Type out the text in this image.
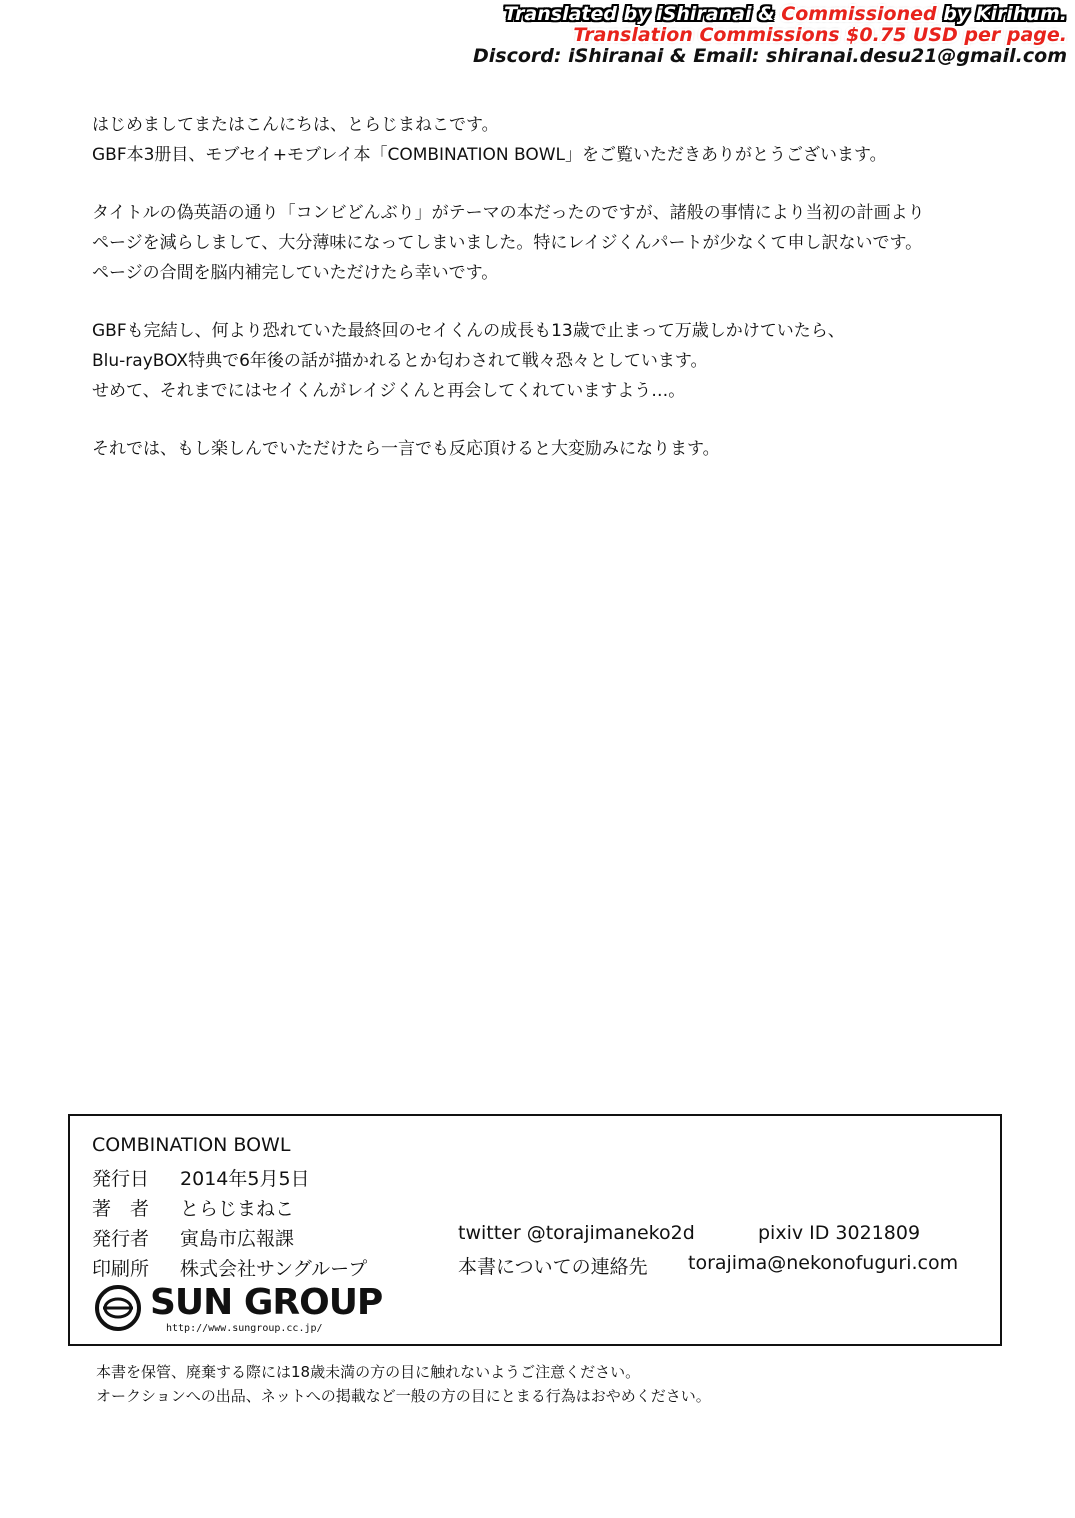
Translated by iShiranai & Commissioned by Kirihum.
Translation Commissions $0.75 USD per page.
Discord: iShiranai & Email: shiranai.desu21@gmail.com

はじめましてまたはこんにちは、とらじまねこです。
GBF本3册目、モブセイ+モブレイ本「COMBINATION BOWL」をご覧いただきありがとうございます。

タイトルの偽英語の通り「コンビどんぶり」がテーマの本だったのですが、諸般の事情により当初の計画より
ページを減らしまして、大分薄味になってしまいました。特にレイジくんパートが少なくて申し訳ないです。
ページの合間を脳内補完していただけたら幸いです。

GBFも完結し、何より恐れていた最終回のセイくんの成長も13歳で止まって万歳しかけていたら、
Blu-rayBOX特典で6年後の話が描かれるとか匂わされて戦々恐々としています。
せめて、それまでにはセイくんがレイジくんと再会してくれていますよう…。

それでは、もし楽しんでいただけたら一言でも反応頂けると大変励みになります。

COMBINATION BOWL
発行日 2014年5月5日
著　者 とらじまねこ
発行者 寅島市広報課
印刷所 株式会社サングループ
twitter @torajimaneko2d	pixiv ID 3021809
本書についての連絡先 torajima@nekonofuguri.com
SUN GROUP
http://www.sungroup.cc.jp/
本書を保管、廃棄する際には18歳未満の方の目に触れないようご注意ください。
オークションへの出品、ネットへの掲載など一般の方の目にとまる行為はおやめください。
